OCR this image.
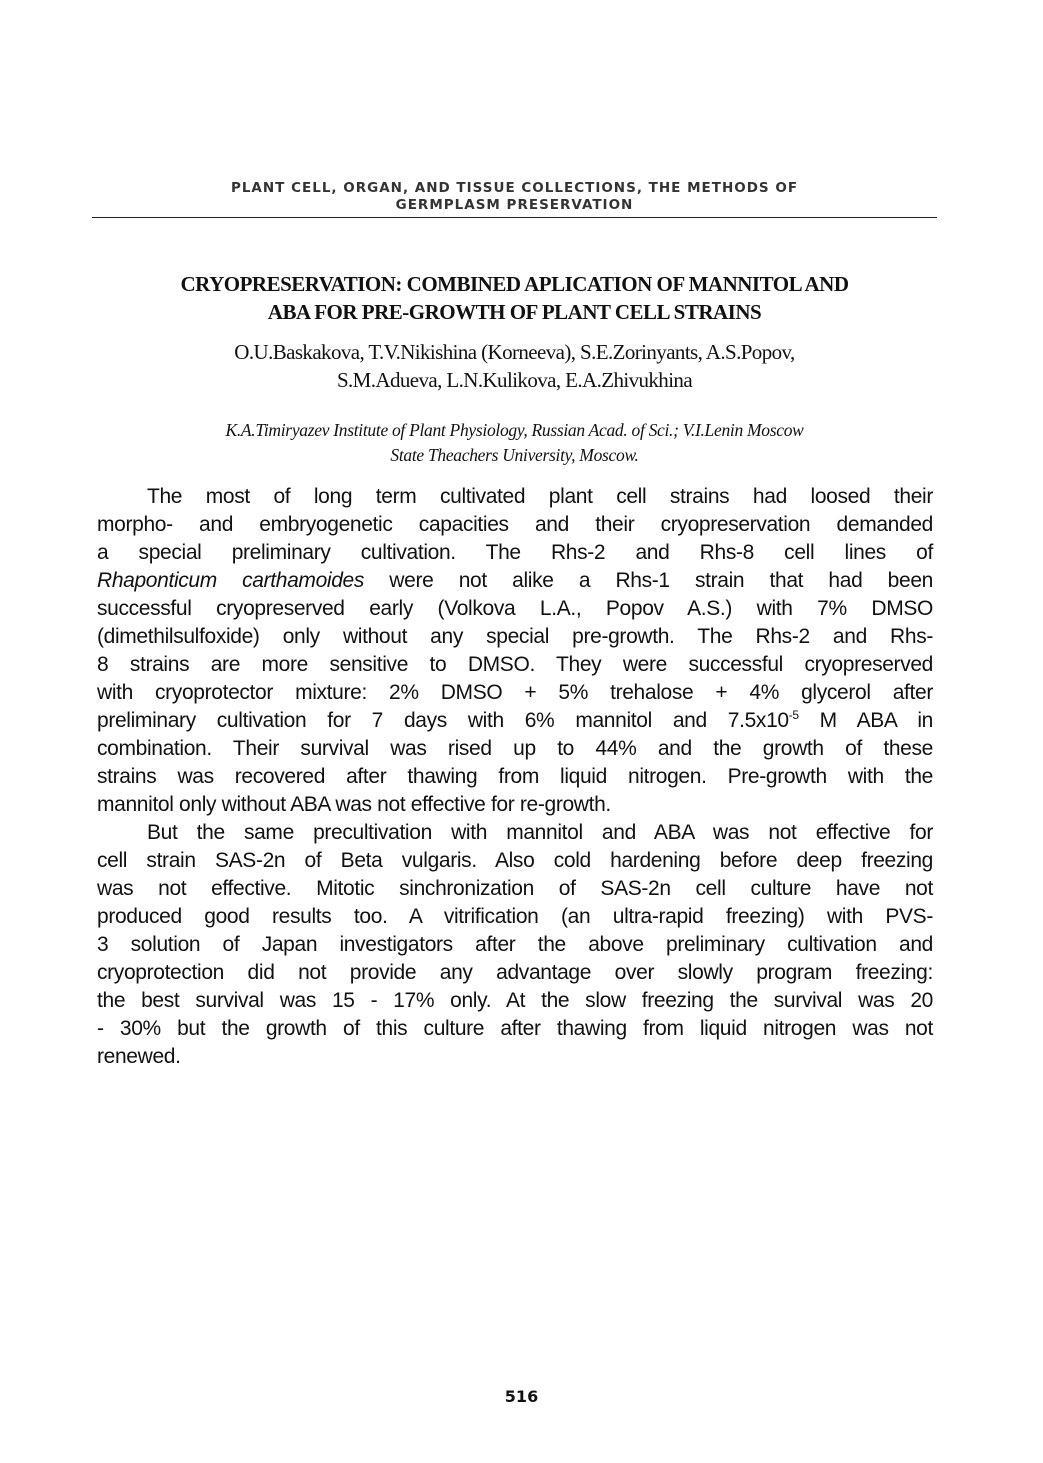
PLANT CELL, ORGAN, AND TISSUE COLLECTIONS, THE METHODS OF
GERMPLASM PRESERVATION
CRYOPRESERVATION: COMBINED APLICATION OF MANNITOL AND
ABA FOR PRE-GROWTH OF PLANT CELL STRAINS
O.U.Baskakova, T.V.Nikishina (Korneeva), S.E.Zorinyants, A.S.Popov,
S.M.Adueva, L.N.Kulikova, E.A.Zhivukhina
K.A.Timiryazev Institute of Plant Physiology, Russian Acad. of Sci.; V.I.Lenin Moscow
State Theachers University, Moscow.
The most of long term cultivated plant cell strains had loosed their
morpho- and embryogenetic capacities and their cryopreservation demanded
a special preliminary cultivation. The Rhs-2 and Rhs-8 cell lines of
Rhaponticum carthamoides were not alike a Rhs-1 strain that had been
successful cryopreserved early (Volkova L.A., Popov A.S.) with 7% DMSO
(dimethilsulfoxide) only without any special pre-growth. The Rhs-2 and Rhs-
8 strains are more sensitive to DMSO. They were successful cryopreserved
with cryoprotector mixture: 2% DMSO + 5% trehalose + 4% glycerol after
preliminary cultivation for 7 days with 6% mannitol and $7.5x10^{-5}$ M ABA in
combination. Their survival was rised up to 44% and the growth of these
strains was recovered after thawing from liquid nitrogen. Pre-growth with the
mannitol only without ABA was not effective for re-growth.
But the same precultivation with mannitol and ABA was not effective for
cell strain SAS-2n of Beta vulgaris. Also cold hardening before deep freezing
was not effective. Mitotic sinchronization of SAS-2n cell culture have not
produced good results too. A vitrification (an ultra-rapid freezing) with PVS-
3 solution of Japan investigators after the above preliminary cultivation and
cryoprotection did not provide any advantage over slowly program freezing:
the best survival was 15 - 17% only. At the slow freezing the survival was 20
- 30% but the growth of this culture after thawing from liquid nitrogen was not
renewed.
516
